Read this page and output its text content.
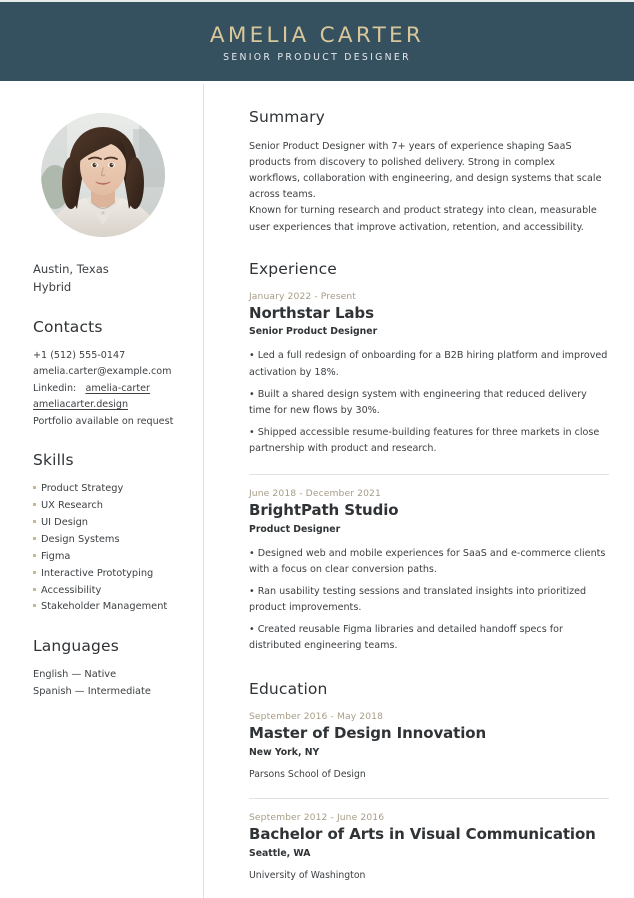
AMELIA CARTER
SENIOR PRODUCT DESIGNER
Austin, Texas
Hybrid
Contacts
+1 (512) 555-0147
amelia.carter@example.com
Linkedin: amelia-carter
ameliacarter.design
Portfolio available on request
Skills
Product Strategy
UX Research
UI Design
Design Systems
Figma
Interactive Prototyping
Accessibility
Stakeholder Management
Languages
English — Native
Spanish — Intermediate
Summary

Senior Product Designer with 7+ years of experience shaping SaaS products from discovery to polished delivery. Strong in complex workflows, collaboration with engineering, and design systems that scale across teams.

Known for turning research and product strategy into clean, measurable user experiences that improve activation, retention, and accessibility.

Experience
January 2022 - Present
Northstar Labs
Senior Product Designer
• Led a full redesign of onboarding for a B2B hiring platform and improved activation by 18%.
• Built a shared design system with engineering that reduced delivery time for new flows by 30%.
• Shipped accessible resume-building features for three markets in close partnership with product and research.
June 2018 - December 2021
BrightPath Studio
Product Designer
• Designed web and mobile experiences for SaaS and e-commerce clients with a focus on clear conversion paths.
• Ran usability testing sessions and translated insights into prioritized product improvements.
• Created reusable Figma libraries and detailed handoff specs for distributed engineering teams.
Education
September 2016 - May 2018
Master of Design Innovation
New York, NY
Parsons School of Design
September 2012 - June 2016
Bachelor of Arts in Visual Communication
Seattle, WA
University of Washington
